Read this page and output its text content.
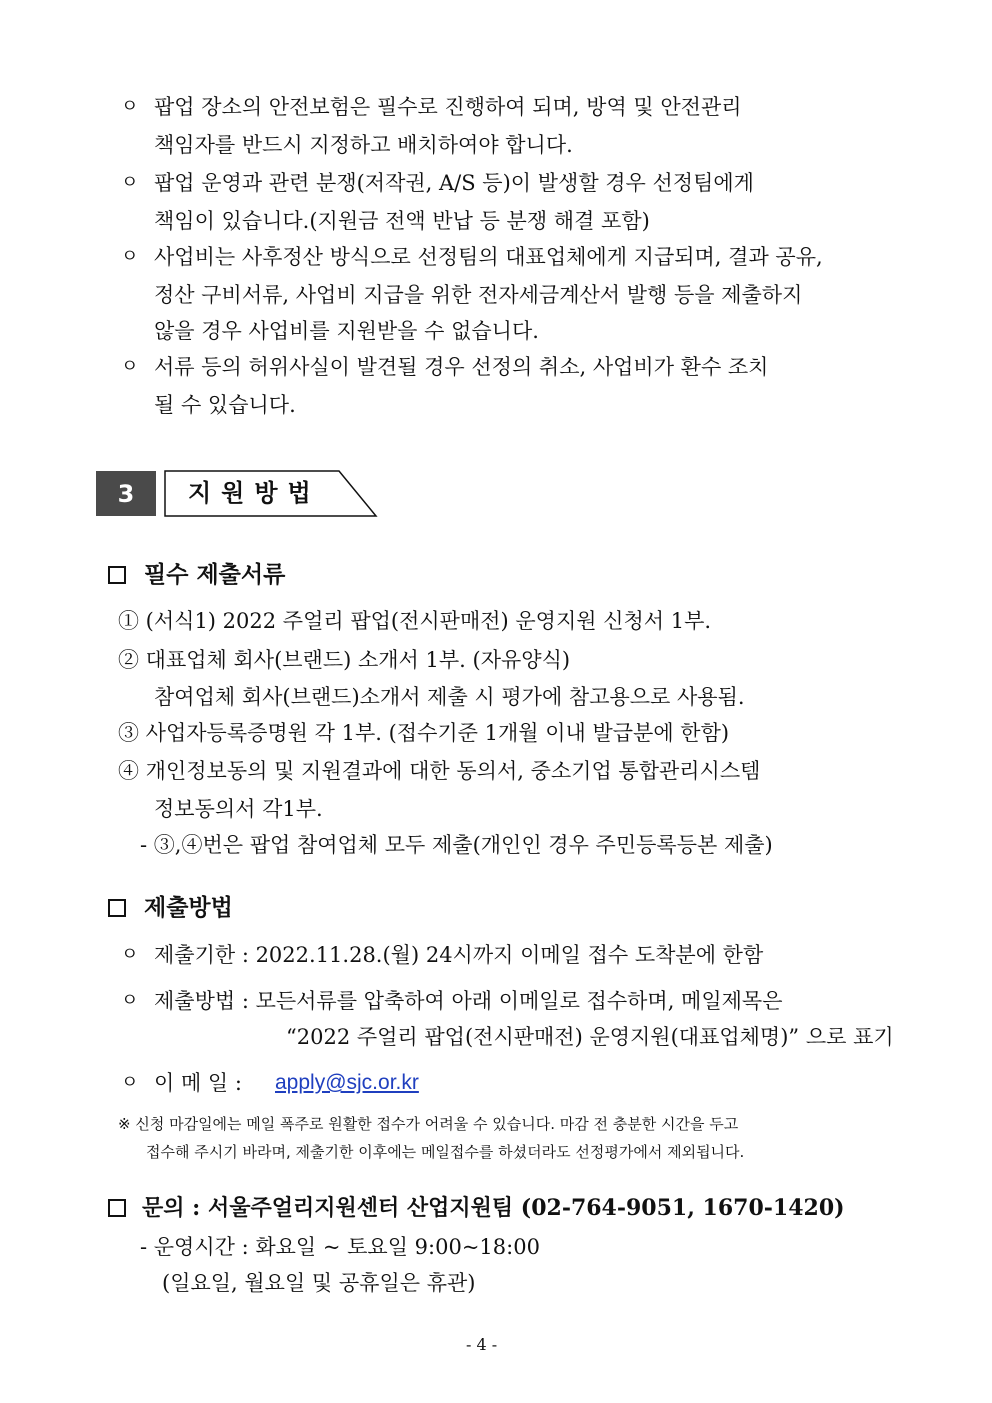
ㅇ 팝업 장소의 안전보험은 필수로 진행하여 되며, 방역 및 안전관리
책임자를 반드시 지정하고 배치하여야 합니다.
ㅇ 팝업 운영과 관련 분쟁(저작권, A/S 등)이 발생할 경우 선정팀에게
책임이 있습니다.(지원금 전액 반납 등 분쟁 해결 포함)
ㅇ 사업비는 사후정산 방식으로 선정팀의 대표업체에게 지급되며, 결과 공유,
정산 구비서류, 사업비 지급을 위한 전자세금계산서 발행 등을 제출하지
않을 경우 사업비를 지원받을 수 없습니다.
ㅇ 서류 등의 허위사실이 발견될 경우 선정의 취소, 사업비가 환수 조치
될 수 있습니다.
3	지원방법
필수 제출서류
① (서식1) 2022 주얼리 팝업(전시판매전) 운영지원 신청서 1부.
② 대표업체 회사(브랜드) 소개서 1부. (자유양식)
참여업체 회사(브랜드)소개서 제출 시 평가에 참고용으로 사용됨.
③ 사업자등록증명원 각 1부. (접수기준 1개월 이내 발급분에 한함)
④ 개인정보동의 및 지원결과에 대한 동의서, 중소기업 통합관리시스템
정보동의서 각1부.
- ③,④번은 팝업 참여업체 모두 제출(개인인 경우 주민등록등본 제출)
제출방법
ㅇ 제출기한 : 2022.11.28.(월) 24시까지 이메일 접수 도착분에 한함
ㅇ 제출방법 : 모든서류를 압축하여 아래 이메일로 접수하며, 메일제목은
“2022 주얼리 팝업(전시판매전) 운영지원(대표업체명)” 으로 표기
ㅇ 이 메 일 : apply@sjc.or.kr
※ 신청 마감일에는 메일 폭주로 원활한 접수가 어려울 수 있습니다. 마감 전 충분한 시간을 두고
접수해 주시기 바라며, 제출기한 이후에는 메일접수를 하셨더라도 선정평가에서 제외됩니다.
문의 : 서울주얼리지원센터 산업지원팀 (02-764-9051, 1670-1420)
- 운영시간 : 화요일 ~ 토요일 9:00~18:00
(일요일, 월요일 및 공휴일은 휴관)
- 4 -
